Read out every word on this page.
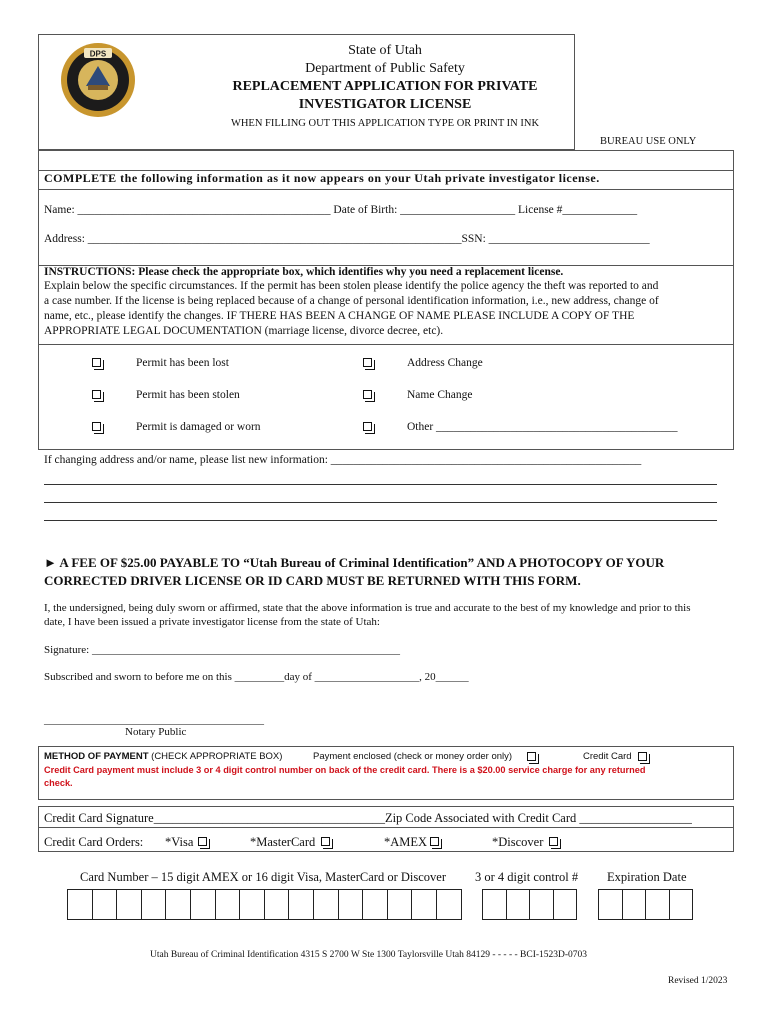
DPS	State of Utah
Department of Public Safety
REPLACEMENT APPLICATION FOR PRIVATE
INVESTIGATOR LICENSE
WHEN FILLING OUT THIS APPLICATION TYPE OR PRINT IN INK
BUREAU USE ONLY
COMPLETE the following information as it now appears on your Utah private investigator license.
Name: ____________________________________________ Date of Birth: ____________________ License #_____________
Address: _________________________________________________________________SSN: ____________________________
INSTRUCTIONS: Please check the appropriate box, which identifies why you need a replacement license.
Explain below the specific circumstances. If the permit has been stolen please identify the police agency the theft was reported to and
a case number. If the license is being replaced because of a change of personal identification information, i.e., new address, change of
name, etc., please identify the changes. IF THERE HAS BEEN A CHANGE OF NAME PLEASE INCLUDE A COPY OF THE
APPROPRIATE LEGAL DOCUMENTATION (marriage license, divorce decree, etc).
Permit has been lost	Address Change
Permit has been stolen	Name Change
Permit is damaged or worn	Other __________________________________________
If changing address and/or name, please list new information: ______________________________________________________
► A FEE OF $25.00 PAYABLE TO “Utah Bureau of Criminal Identification” AND A PHOTOCOPY OF YOUR
CORRECTED DRIVER LICENSE OR ID CARD MUST BE RETURNED WITH THIS FORM.
I, the undersigned, being duly sworn or affirmed, state that the above information is true and accurate to the best of my knowledge and prior to this
date, I have been issued a private investigator license from the state of Utah:
Signature: ________________________________________________________
Subscribed and sworn to before me on this _________day of ___________________, 20______
________________________________________
Notary Public
METHOD OF PAYMENT (CHECK APPROPRIATE BOX)	Payment enclosed (check or money order only)	Credit Card
Credit Card payment must include 3 or 4 digit control number on back of the credit card. There is a $20.00 service charge for any returned
check.
Credit Card Signature_____________________________________Zip Code Associated with Credit Card __________________
Credit Card Orders: *Visa	*MasterCard	*AMEX	*Discover
Card Number – 15 digit AMEX or 16 digit Visa, MasterCard or Discover 3 or 4 digit control # Expiration Date
Utah Bureau of Criminal Identification 4315 S 2700 W Ste 1300 Taylorsville Utah 84129 - - - - - BCI-1523D-0703
Revised 1/2023
